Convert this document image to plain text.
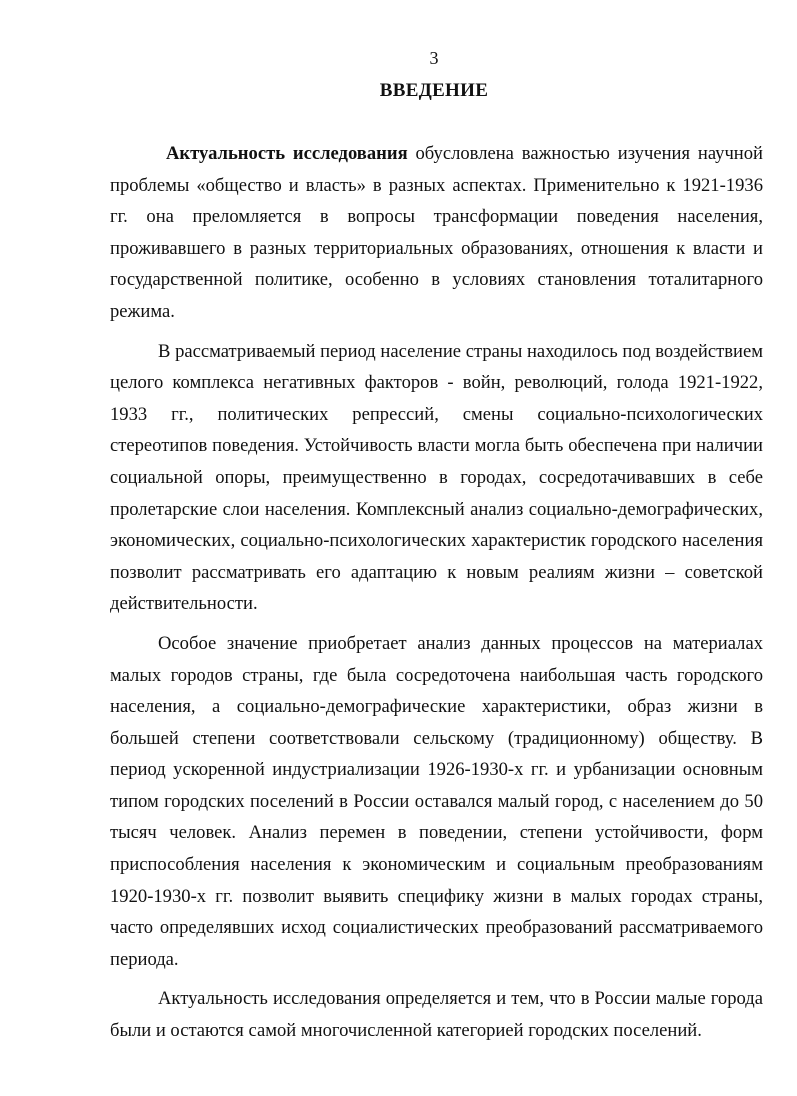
3
ВВЕДЕНИЕ

Актуальность исследования обусловлена важностью изучения научной проблемы «общество и власть» в разных аспектах. Применительно к 1921-1936 гг. она преломляется в вопросы трансформации поведения населения, проживавшего в разных территориальных образованиях, отношения к власти и государственной политике, особенно в условиях становления тоталитарного режима.

В рассматриваемый период население страны находилось под воздействием целого комплекса негативных факторов - войн, революций, голода 1921-1922, 1933 гг., политических репрессий, смены социально-психологических стереотипов поведения. Устойчивость власти могла быть обеспечена при наличии социальной опоры, преимущественно в городах, сосредотачивавших в себе пролетарские слои населения. Комплексный анализ социально-демографических, экономических, социально-психологических характеристик городского населения позволит рассматривать его адаптацию к новым реалиям жизни – советской действительности.

Особое значение приобретает анализ данных процессов на материалах малых городов страны, где была сосредоточена наибольшая часть городского населения, а социально-демографические характеристики, образ жизни в большей степени соответствовали сельскому (традиционному) обществу. В период ускоренной индустриализации 1926-1930-х гг. и урбанизации основным типом городских поселений в России оставался малый город, с населением до 50 тысяч человек. Анализ перемен в поведении, степени устойчивости, форм приспособления населения к экономическим и социальным преобразованиям 1920-1930-х гг. позволит выявить специфику жизни в малых городах страны, часто определявших исход социалистических преобразований рассматриваемого периода.

Актуальность исследования определяется и тем, что в России малые города были и остаются самой многочисленной категорией городских поселений.
